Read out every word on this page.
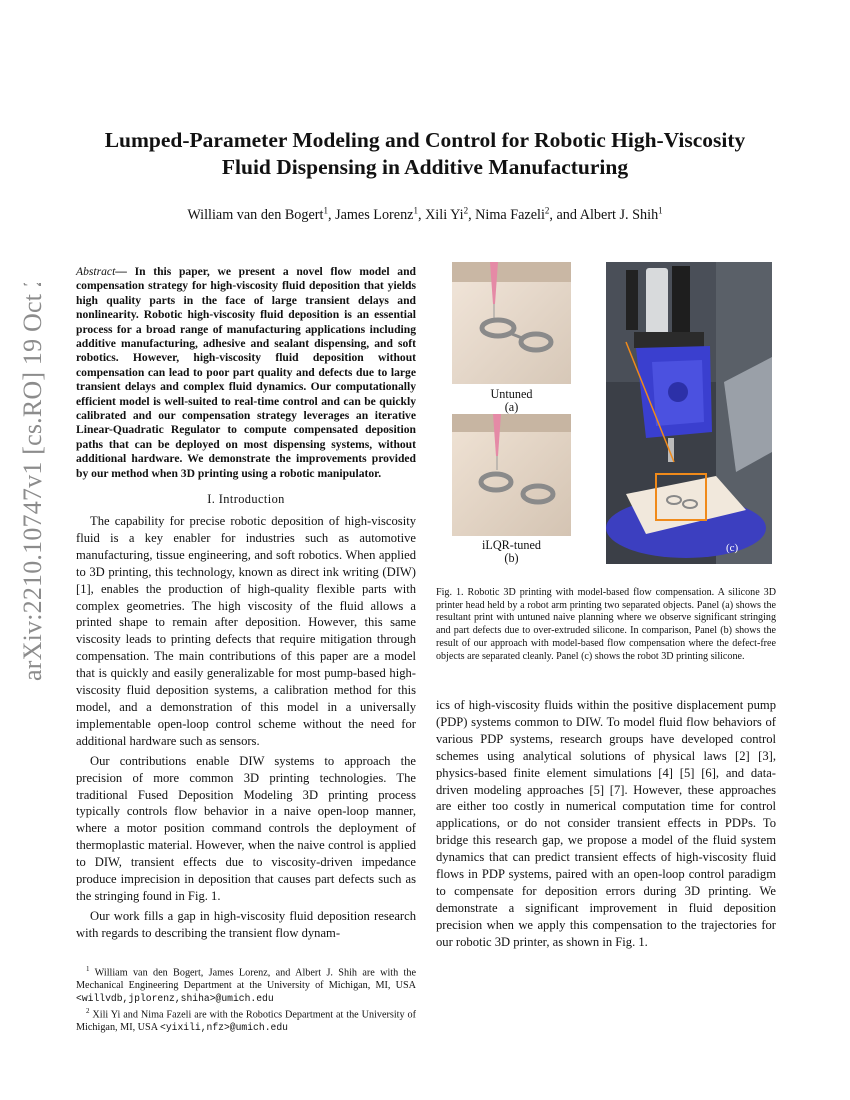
arXiv:2210.10747v1 [cs.RO] 19 Oct 2022
Lumped-Parameter Modeling and Control for Robotic High-Viscosity
Fluid Dispensing in Additive Manufacturing
William van den Bogert$^1$, James Lorenz$^1$, Xili Yi$^2$, Nima Fazeli$^2$, and Albert J. Shih$^1$
Abstract— In this paper, we present a novel flow model and compensation strategy for high-viscosity fluid deposition that yields high quality parts in the face of large transient delays and nonlinearity. Robotic high-viscosity fluid deposition is an essential process for a broad range of manufacturing applications including additive manufacturing, adhesive and sealant dispensing, and soft robotics. However, high-viscosity fluid deposition without compensation can lead to poor part quality and defects due to large transient delays and complex fluid dynamics. Our computationally efficient model is well-suited to real-time control and can be quickly calibrated and our compensation strategy leverages an iterative Linear-Quadratic Regulator to compute compensated deposition paths that can be deployed on most dispensing systems, without additional hardware. We demonstrate the improvements provided by our method when 3D printing using a robotic manipulator.
I. Introduction

The capability for precise robotic deposition of high-viscosity fluid is a key enabler for industries such as automotive manufacturing, tissue engineering, and soft robotics. When applied to 3D printing, this technology, known as direct ink writing (DIW) [1], enables the production of high-quality flexible parts with complex geometries. The high viscosity of the fluid allows a printed shape to remain after deposition. However, this same viscosity leads to printing defects that require mitigation through compensation. The main contributions of this paper are a model that is quickly and easily generalizable for most pump-based high-viscosity fluid deposition systems, a calibration method for this model, and a demonstration of this model in a universally implementable open-loop control scheme without the need for additional hardware such as sensors.

Our contributions enable DIW systems to approach the precision of more common 3D printing technologies. The traditional Fused Deposition Modeling 3D printing process typically controls flow behavior in a naive open-loop manner, where a motor position command controls the deployment of thermoplastic material. However, when the naive control is applied to DIW, transient effects due to viscosity-driven impedance produce imprecision in deposition that causes part defects such as the stringing found in Fig. 1.

Our work fills a gap in high-viscosity fluid deposition research with regards to describing the transient flow dynam-

$^1$ William van den Bogert, James Lorenz, and Albert J. Shih are with the Mechanical Engineering Department at the University of Michigan, MI, USA <willvdb,jplorenz,shiha>@umich.edu

$^2$ Xili Yi and Nima Fazeli are with the Robotics Department at the University of Michigan, MI, USA <yixili,nfz>@umich.edu

Untuned
(a)
iLQR-tuned
(b)
(c)
Fig. 1. Robotic 3D printing with model-based flow compensation. A silicone 3D printer head held by a robot arm printing two separated objects. Panel (a) shows the resultant print with untuned naive planning where we observe significant stringing and part defects due to over-extruded silicone. In comparison, Panel (b) shows the result of our approach with model-based flow compensation where the defect-free objects are separated cleanly. Panel (c) shows the robot 3D printing silicone.

ics of high-viscosity fluids within the positive displacement pump (PDP) systems common to DIW. To model fluid flow behaviors of various PDP systems, research groups have developed control schemes using analytical solutions of physical laws [2] [3], physics-based finite element simulations [4] [5] [6], and data-driven modeling approaches [5] [7]. However, these approaches are either too costly in numerical computation time for control applications, or do not consider transient effects in PDPs. To bridge this research gap, we propose a model of the fluid system dynamics that can predict transient effects of high-viscosity fluid flows in PDP systems, paired with an open-loop control paradigm to compensate for deposition errors during 3D printing. We demonstrate a significant improvement in fluid deposition precision when we apply this compensation to the trajectories for our robotic 3D printer, as shown in Fig. 1.
